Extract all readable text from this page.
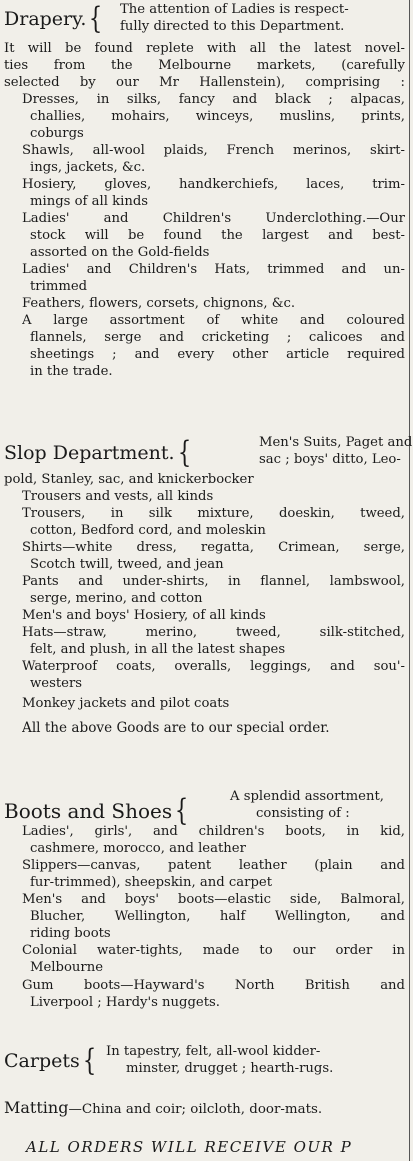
Drapery. { The attention of Ladies is respect-
fully directed to this Department.
It will be found replete with all the latest novel-
ties from the Melbourne markets, (carefully
selected by our Mr Hallenstein), comprising :
Dresses, in silks, fancy and black ; alpacas,
challies, mohairs, winceys, muslins, prints,
coburgs
Shawls, all-wool plaids, French merinos, skirt-
ings, jackets, &c.
Hosiery, gloves, handkerchiefs, laces, trim-
mings of all kinds
Ladies' and Children's Underclothing.—Our
stock will be found the largest and best-
assorted on the Gold-fields
Ladies' and Children's Hats, trimmed and un-
trimmed
Feathers, flowers, corsets, chignons, &c.
A large assortment of white and coloured
flannels, serge and cricketing ; calicoes and
sheetings ; and every other article required
in the trade.
Slop Department. {	Men's Suits, Paget and
sac ; boys' ditto, Leo-
pold, Stanley, sac, and knickerbocker
Trousers and vests, all kinds
Trousers, in silk mixture, doeskin, tweed,
cotton, Bedford cord, and moleskin
Shirts—white dress, regatta, Crimean, serge,
Scotch twill, tweed, and jean
Pants and under-shirts, in flannel, lambswool,
serge, merino, and cotton
Men's and boys' Hosiery, of all kinds
Hats—straw, merino, tweed, silk-stitched,
felt, and plush, in all the latest shapes
Waterproof coats, overalls, leggings, and sou'-
westers
Monkey jackets and pilot coats
All the above Goods are to our special order.
Boots and Shoes {	A splendid assortment,
consisting of :
Ladies', girls', and children's boots, in kid,
cashmere, morocco, and leather
Slippers—canvas, patent leather (plain and
fur-trimmed), sheepskin, and carpet
Men's and boys' boots—elastic side, Balmoral,
Blucher, Wellington, half Wellington, and
riding boots
Colonial water-tights, made to our order in
Melbourne
Gum boots—Hayward's North British and
Liverpool ; Hardy's nuggets.
Carpets { In tapestry, felt, all-wool kidder-
minster, drugget ; hearth-rugs.
Matting—China and coir; oilcloth, door-mats.
ALL ORDERS WILL RECEIVE OUR P
